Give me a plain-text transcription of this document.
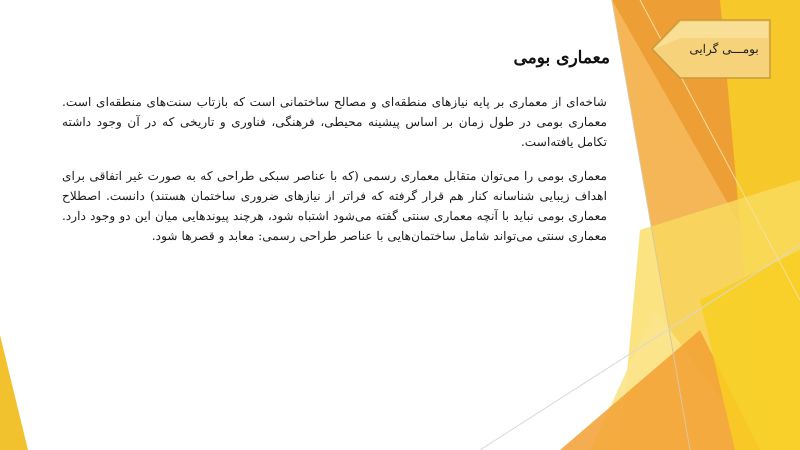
بومـــی گرایی
معماری بومی

شاخه‌ای از معماری بر پایه نیازهای منطقه‌ای و مصالح ساختمانی است که بازتاب سنت‌های منطقه‌ای است. معماری بومی در طول زمان بر اساس پیشینه محیطی، فرهنگی، فناوری و تاریخی که در آن وجود داشته تکامل یافته‌است.

معماری بومی را می‌توان متقابل معماری رسمی (که با عناصر سبکی طراحی که به صورت غیر اتفاقی برای اهداف زیبایی شناسانه کنار هم قرار گرفته که فراتر از نیازهای ضروری ساختمان هستند) دانست. اصطلاح معماری بومی نباید با آنچه معماری سنتی گفته می‌شود اشتباه شود، هرچند پیوندهایی میان این دو وجود دارد. معماری سنتی می‌تواند شامل ساختمان‌هایی با عناصر طراحی رسمی: معابد و قصرها شود.
